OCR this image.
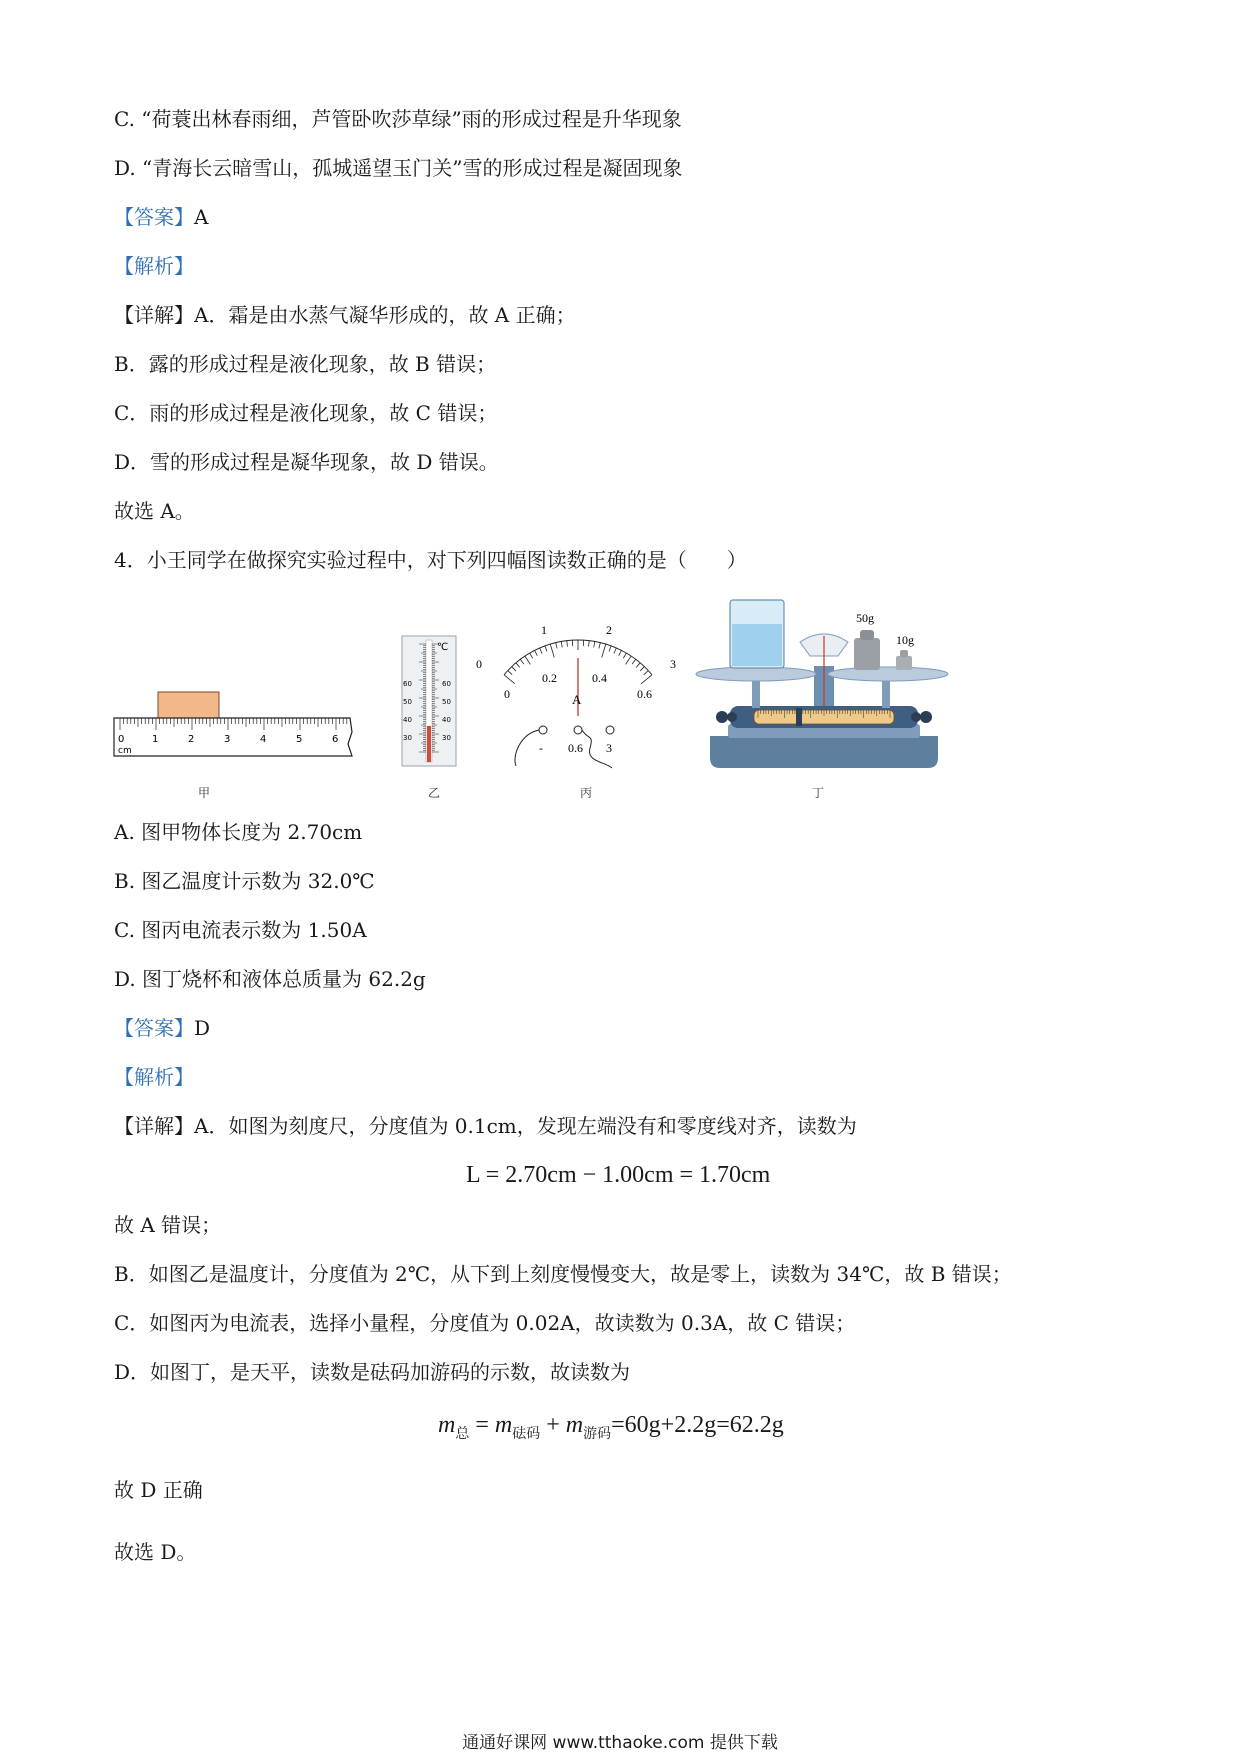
C. “荷蓑出林春雨细，芦管卧吹莎草绿”雨的形成过程是升华现象
D. “青海长云暗雪山，孤城遥望玉门关”雪的形成过程是凝固现象
【答案】A
【解析】
【详解】A．霜是由水蒸气凝华形成的，故 A 正确；
B．露的形成过程是液化现象，故 B 错误；
C．雨的形成过程是液化现象，故 C 错误；
D．雪的形成过程是凝华现象，故 D 错误。
故选 A。
4．小王同学在做探究实验过程中，对下列四幅图读数正确的是（　　）
0	1	2	3	4	5	6
cm
甲
℃
60
50
40
30
60
50
40
30
乙
0
1	2
3
0
0.2	0.4
0.6
A
- 0.6 3
丙
50g
10g
丁
A. 图甲物体长度为 2.70cm
B. 图乙温度计示数为 32.0℃
C. 图丙电流表示数为 1.50A
D. 图丁烧杯和液体总质量为 62.2g
【答案】D
【解析】
【详解】A．如图为刻度尺，分度值为 0.1cm，发现左端没有和零度线对齐，读数为
L = 2.70cm − 1.00cm = 1.70cm
故 A 错误；
B．如图乙是温度计，分度值为 2℃，从下到上刻度慢慢变大，故是零上，读数为 34℃，故 B 错误；
C．如图丙为电流表，选择小量程，分度值为 0.02A，故读数为 0.3A，故 C 错误；
D．如图丁，是天平，读数是砝码加游码的示数，故读数为
$m_总 = m_{砝码} + m_{游码}=60g+2.2g=62.2g$
故 D 正确
故选 D。
通通好课网 www.tthaoke.com 提供下载
